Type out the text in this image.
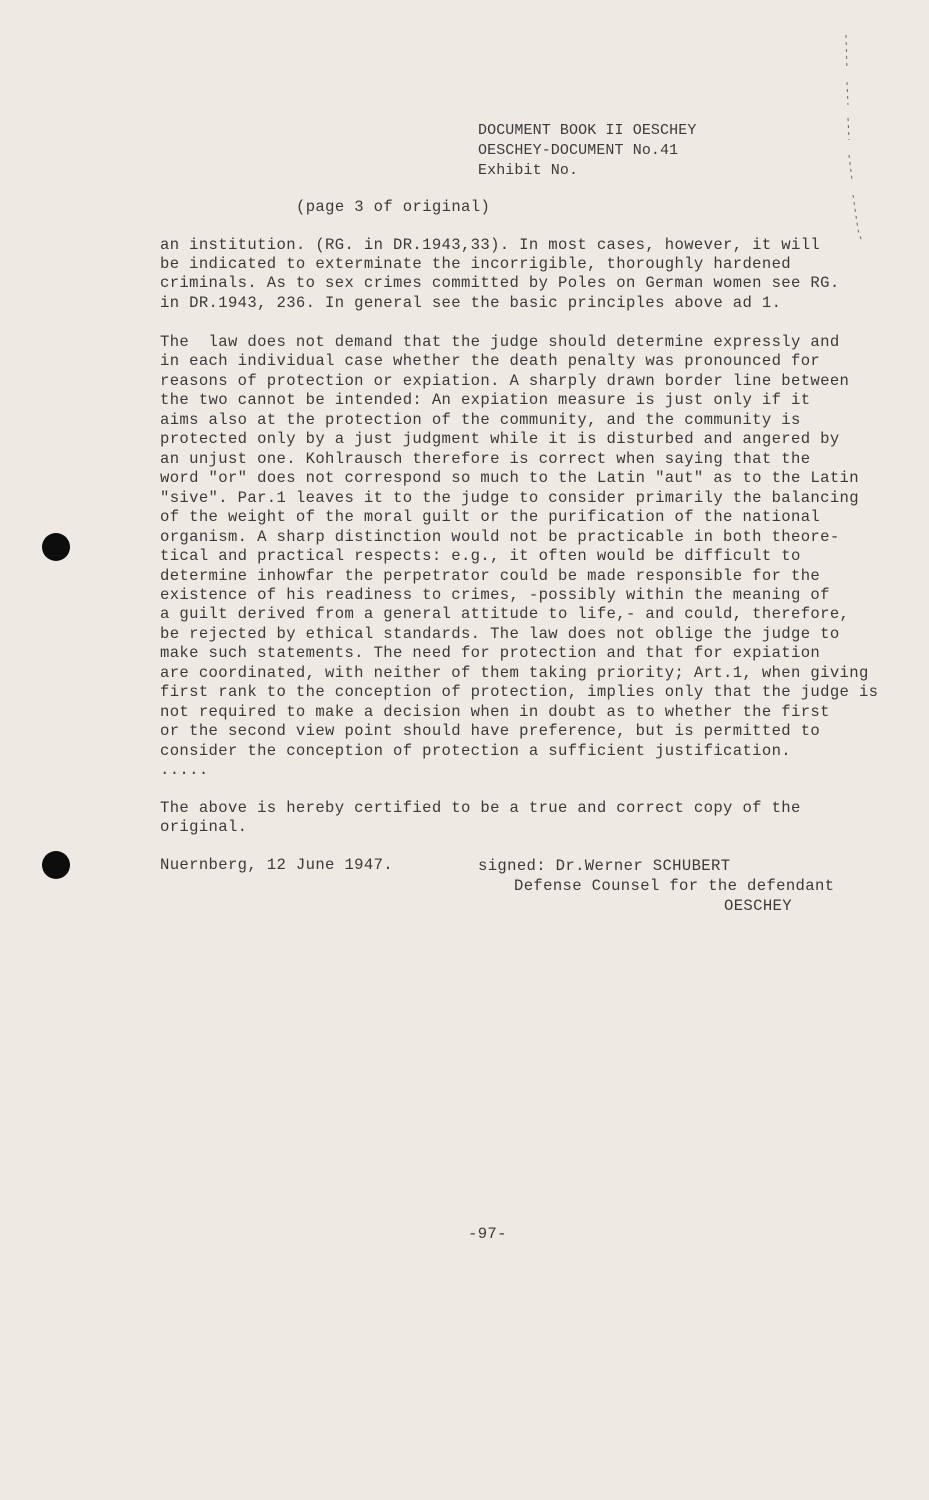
DOCUMENT BOOK II OESCHEY
OESCHEY-DOCUMENT No.41
Exhibit No.
(page 3 of original)
an institution. (RG. in DR.1943,33). In most cases, however, it will
be indicated to exterminate the incorrigible, thoroughly hardened
criminals. As to sex crimes committed by Poles on German women see RG.
in DR.1943, 236. In general see the basic principles above ad 1.
The  law does not demand that the judge should determine expressly and
in each individual case whether the death penalty was pronounced for
reasons of protection or expiation. A sharply drawn border line between
the two cannot be intended: An expiation measure is just only if it
aims also at the protection of the community, and the community is
protected only by a just judgment while it is disturbed and angered by
an unjust one. Kohlrausch therefore is correct when saying that the
word "or" does not correspond so much to the Latin "aut" as to the Latin
"sive". Par.1 leaves it to the judge to consider primarily the balancing
of the weight of the moral guilt or the purification of the national
organism. A sharp distinction would not be practicable in both theore-
tical and practical respects: e.g., it often would be difficult to
determine inhowfar the perpetrator could be made responsible for the
existence of his readiness to crimes, -possibly within the meaning of
a guilt derived from a general attitude to life,- and could, therefore,
be rejected by ethical standards. The law does not oblige the judge to
make such statements. The need for protection and that for expiation
are coordinated, with neither of them taking priority; Art.1, when giving
first rank to the conception of protection, implies only that the judge is
not required to make a decision when in doubt as to whether the first
or the second view point should have preference, but is permitted to
consider the conception of protection a sufficient justification.
.....
The above is hereby certified to be a true and correct copy of the
original.
Nuernberg, 12 June 1947.	signed: Dr.Werner SCHUBERT
Defense Counsel for the defendant
OESCHEY
-97-
